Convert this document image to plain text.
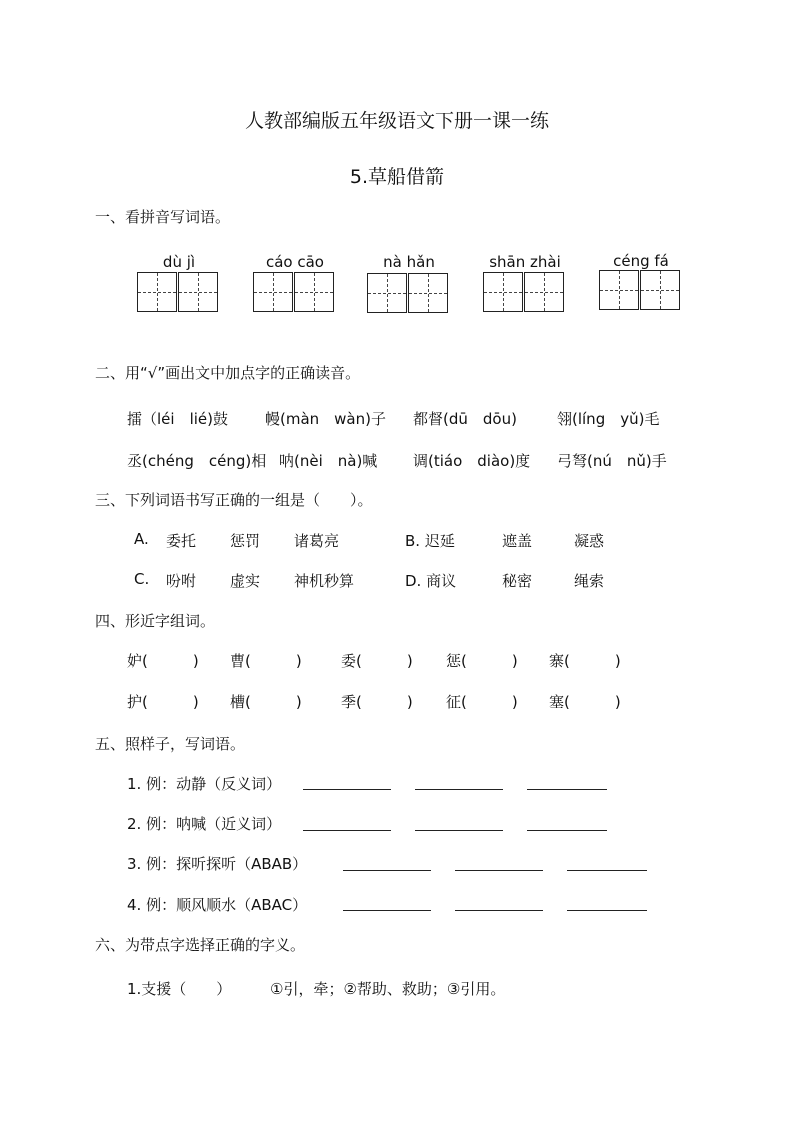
人教部编版五年级语文下册一课一练
5.草船借箭
一、看拼音写词语。
dù jì	cáo cāo	nà hǎn	shān zhài	céng fá
二、用“√”画出文中加点字的正确读音。
擂（léi　lié)鼓 幔(màn　wàn)子 都督(dū　dōu)	翎(líng　yǔ)毛
丞(chéng　céng)相 呐(nèi　nà)喊 调(tiáo　diào)度 弓弩(nú　nǔ)手
三、下列词语书写正确的一组是（　　）。
A. 委托 惩罚 诸葛亮	B. 迟延	遮盖	凝惑
C. 吩咐 虚实 神机秒算	D. 商议	秘密	绳索
四、形近字组词。
妒(　　　) 曹(　　　)	委(　　　) 惩(　　　) 寨(　　　)
护(　　　) 槽(　　　)	季(　　　) 征(　　　) 塞(　　　)
五、照样子，写词语。
1. 例：动静（反义词）
2. 例：呐喊（近义词）
3. 例：探听探听（ABAB）
4. 例：顺风顺水（ABAC）
六、为带点字选择正确的字义。
1.支援（　　）	①引，牵；②帮助、救助；③引用。
